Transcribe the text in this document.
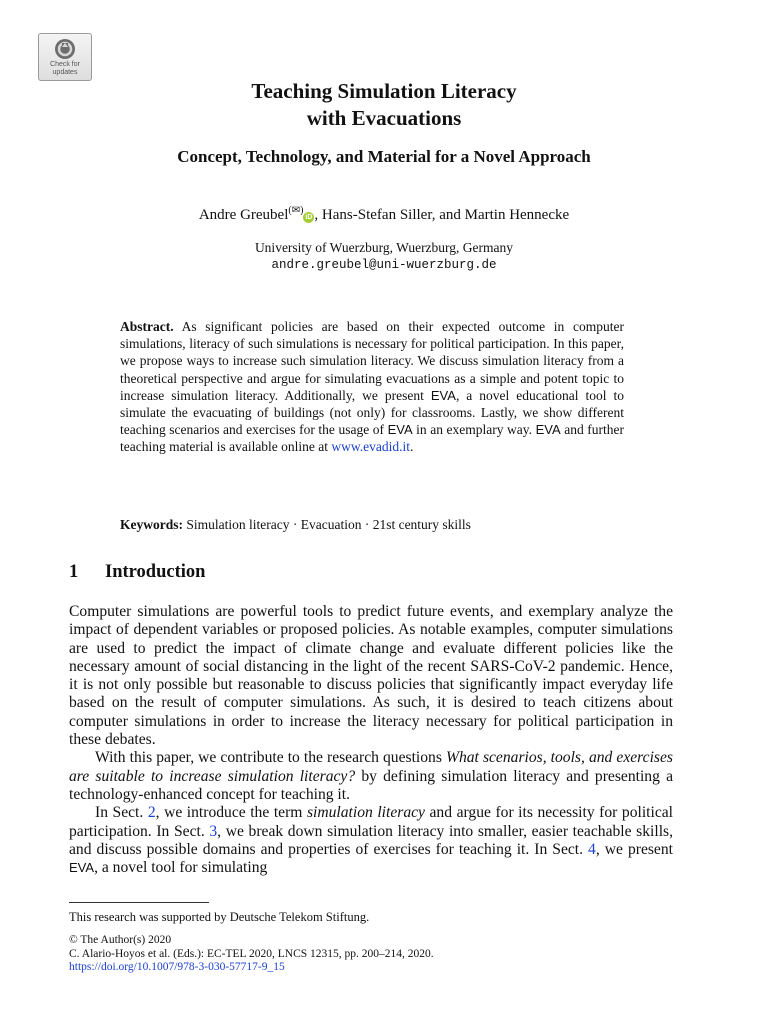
Check for
updates
Teaching Simulation Literacy
with Evacuations
Concept, Technology, and Material for a Novel Approach
Andre Greubel(✉)iD , Hans-Stefan Siller, and Martin Hennecke
University of Wuerzburg, Wuerzburg, Germany
andre.greubel@uni-wuerzburg.de
Abstract. As significant policies are based on their expected outcome in computer simulations, literacy of such simulations is necessary for political participation. In this paper, we propose ways to increase such simulation literacy. We discuss simulation literacy from a theoretical perspective and argue for simulating evacuations as a simple and potent topic to increase simulation literacy. Additionally, we present EVA, a novel educational tool to simulate the evacuating of buildings (not only) for classrooms. Lastly, we show different teaching scenarios and exercises for the usage of EVA in an exemplary way. EVA and further teaching material is available online at www.evadid.it.
Keywords: Simulation literacy · Evacuation · 21st century skills
1 Introduction

Computer simulations are powerful tools to predict future events, and exemplary analyze the impact of dependent variables or proposed policies. As notable examples, computer simulations are used to predict the impact of climate change and evaluate different policies like the necessary amount of social distancing in the light of the recent SARS-CoV-2 pandemic. Hence, it is not only possible but reasonable to discuss policies that significantly impact everyday life based on the result of computer simulations. As such, it is desired to teach citizens about computer simulations in order to increase the literacy necessary for political participation in these debates.

With this paper, we contribute to the research questions What scenarios, tools, and exercises are suitable to increase simulation literacy? by defining simulation literacy and presenting a technology-enhanced concept for teaching it.

In Sect. 2, we introduce the term simulation literacy and argue for its necessity for political participation. In Sect. 3, we break down simulation literacy into smaller, easier teachable skills, and discuss possible domains and properties of exercises for teaching it. In Sect. 4, we present EVA, a novel tool for simulating

This research was supported by Deutsche Telekom Stiftung.
© The Author(s) 2020
C. Alario-Hoyos et al. (Eds.): EC-TEL 2020, LNCS 12315, pp. 200–214, 2020.
https://doi.org/10.1007/978-3-030-57717-9_15
